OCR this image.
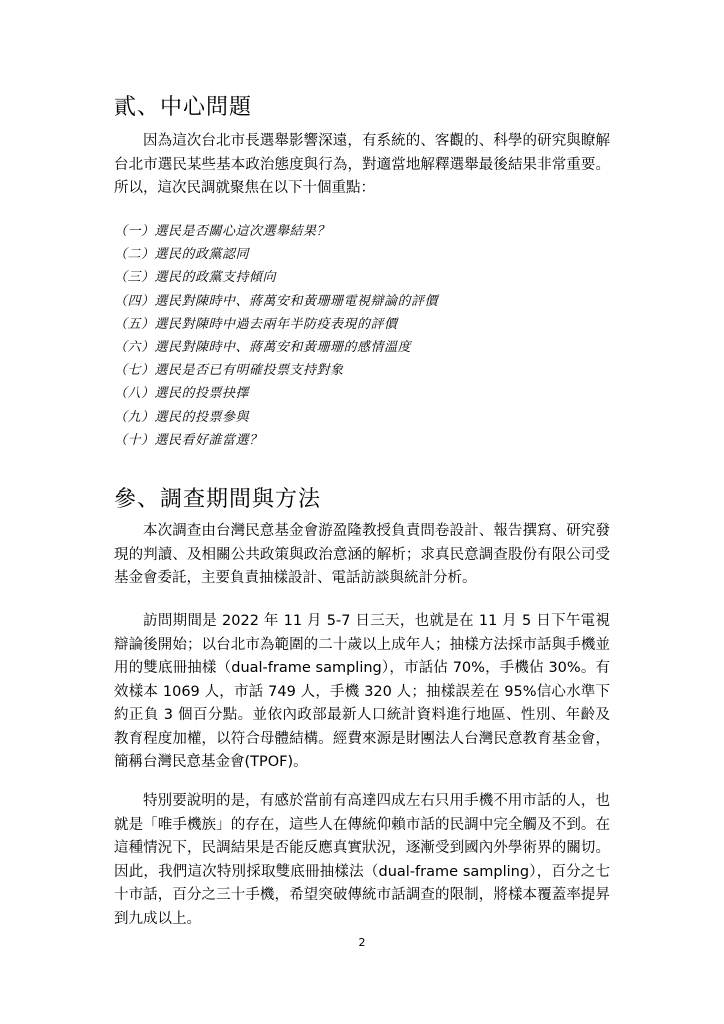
貳、中心問題

因為這次台北市長選舉影響深遠，有系統的、客觀的、科學的研究與瞭解台北市選民某些基本政治態度與行為，對適當地解釋選舉最後結果非常重要。所以，這次民調就聚焦在以下十個重點：

（一）選民是否關心這次選舉結果？
（二）選民的政黨認同
（三）選民的政黨支持傾向
（四）選民對陳時中、蔣萬安和黃珊珊電視辯論的評價
（五）選民對陳時中過去兩年半防疫表現的評價
（六）選民對陳時中、蔣萬安和黃珊珊的感情溫度
（七）選民是否已有明確投票支持對象
（八）選民的投票抉擇
（九）選民的投票參與
（十）選民看好誰當選？
參、調查期間與方法

本次調查由台灣民意基金會游盈隆教授負責問卷設計、報告撰寫、研究發現的判讀、及相關公共政策與政治意涵的解析；求真民意調查股份有限公司受基金會委託，主要負責抽樣設計、電話訪談與統計分析。

訪問期間是 2022 年 11 月 5-7 日三天，也就是在 11 月 5 日下午電視辯論後開始；以台北市為範圍的二十歲以上成年人；抽樣方法採市話與手機並用的雙底冊抽樣（dual-frame sampling），市話佔 70%，手機佔 30%。有效樣本 1069 人，市話 749 人，手機 320 人；抽樣誤差在 95%信心水準下約正負 3 個百分點。並依內政部最新人口統計資料進行地區、性別、年齡及教育程度加權，以符合母體結構。經費來源是財團法人台灣民意教育基金會，簡稱台灣民意基金會(TPOF)。

特別要說明的是，有感於當前有高達四成左右只用手機不用市話的人，也就是「唯手機族」的存在，這些人在傳統仰賴市話的民調中完全觸及不到。在這種情況下，民調結果是否能反應真實狀況，逐漸受到國內外學術界的關切。因此，我們這次特別採取雙底冊抽樣法（dual-frame sampling），百分之七十市話，百分之三十手機，希望突破傳統市話調查的限制，將樣本覆蓋率提昇到九成以上。

2
